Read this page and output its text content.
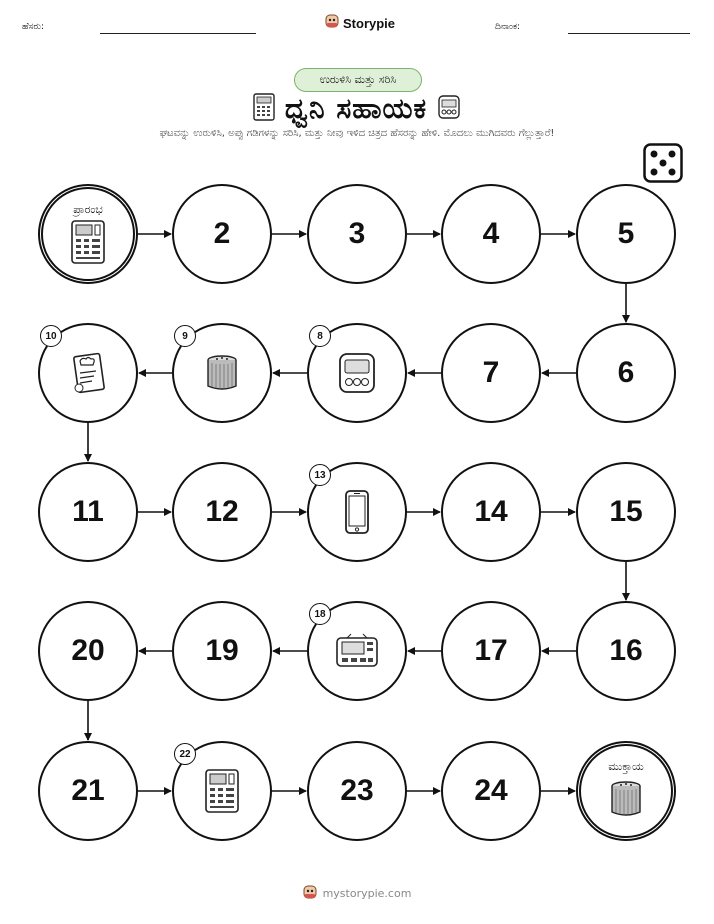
ಹೆಸರು:	Storypie	ದಿನಾಂಕ:
ಉರುಳಿಸಿ ಮತ್ತು ಸರಿಸಿ
ಧ್ವನಿ ಸಹಾಯಕ
ಘಟವನ್ನು ಉರುಳಿಸಿ, ಅಪ್ಪು ಗಡಿಗಳನ್ನು ಸರಿಸಿ, ಮತ್ತು ನೀವು ಇಳಿದ ಚಿತ್ರದ ಹೆಸರನ್ನು ಹೇಳಿ. ಮೊದಲು ಮುಗಿದವರು ಗೆಲ್ಲುತ್ತಾರೆ!
ಪ್ರಾರಂಭ
2	3	4	5
6
7
8
9
10
11	12
13
14	15
16
17
18
19
20
21
22
23	24
ಮುಕ್ತಾಯ
mystorypie.com
